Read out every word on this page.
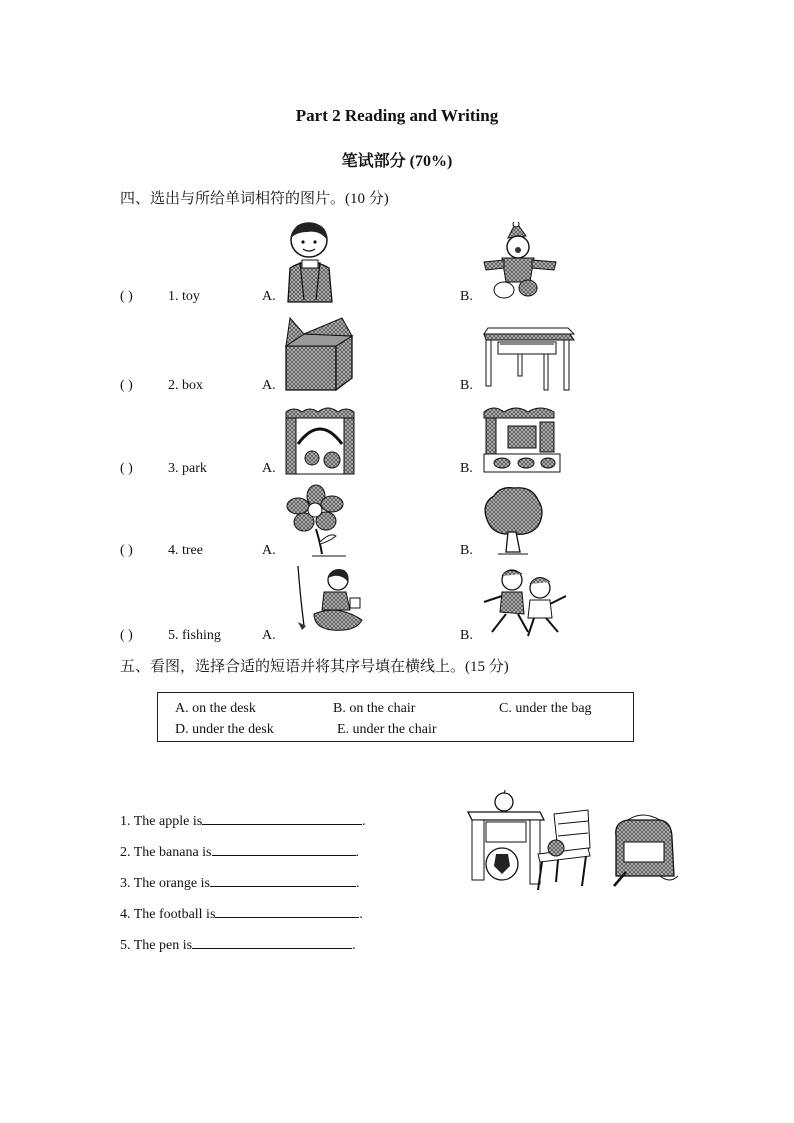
Part 2 Reading and Writing
笔试部分 (70%)
四、选出与所给单词相符的图片。(10 分)
( )	1. toy	A.	B.
( )	2. box	A.	B.
( )	3. park	A.	B.
( )	4. tree	A.	B.
( )	5. fishing	A.	B.
五、看图，选择合适的短语并将其序号填在横线上。(15 分)
A. on the desk	B. on the chair	C. under the bag
D. under the desk	E. under the chair
1. The apple is	.
2. The banana is	.
3. The orange is	.
4. The football is	.
5. The pen is	.
